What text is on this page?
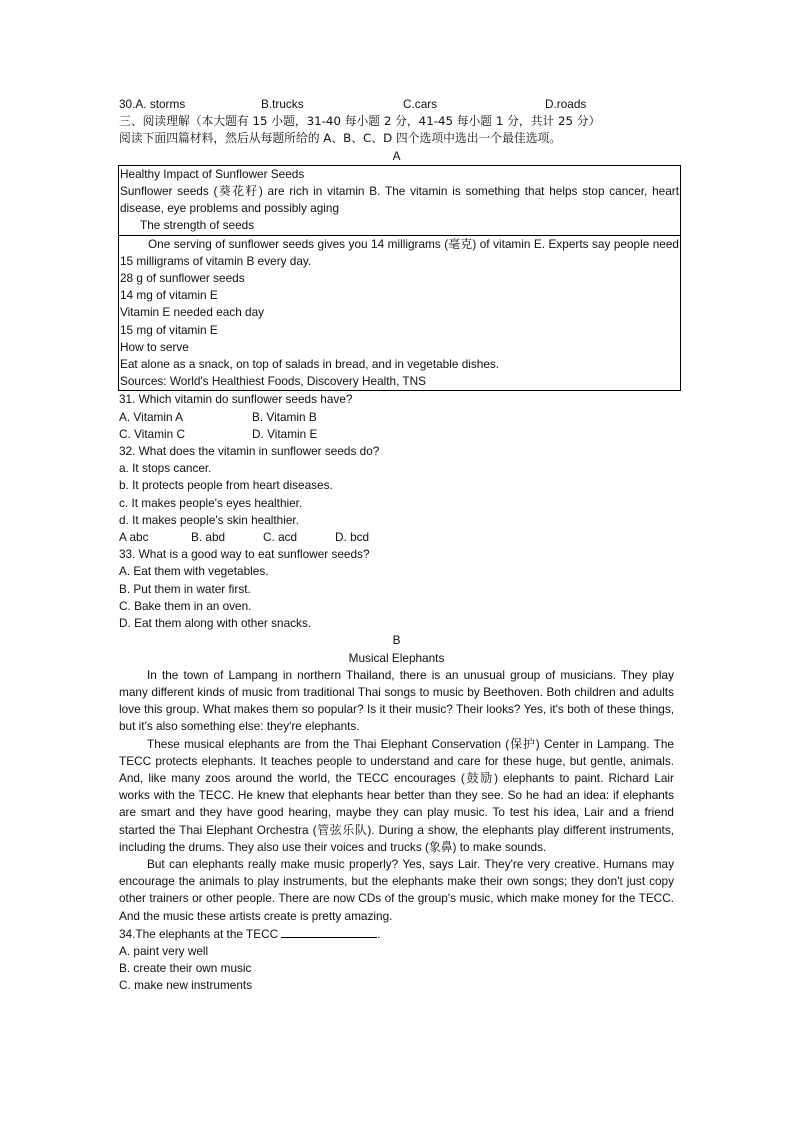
30.A. storms	B.trucks	C.cars	D.roads
三、阅读理解（本大题有 15 小题，31-40 每小题 2 分，41-45 每小题 1 分，共计 25 分）
阅读下面四篇材料，然后从每题所给的 A、B、C、D 四个选项中选出一个最佳选项。
A
Healthy Impact of Sunflower Seeds
Sunflower seeds (葵花籽) are rich in vitamin B. The vitamin is something that helps stop cancer, heart disease, eye problems and possibly aging
The strength of seeds
One serving of sunflower seeds gives you 14 milligrams (毫克) of vitamin E. Experts say people need 15 milligrams of vitamin B every day.
28 g of sunflower seeds
14 mg of vitamin E
Vitamin E needed each day
15 mg of vitamin E
How to serve
Eat alone as a snack, on top of salads in bread, and in vegetable dishes.
Sources: World's Healthiest Foods, Discovery Health, TNS
31. Which vitamin do sunflower seeds have?
A. Vitamin A	B. Vitamin B
C. Vitamin C	D. Vitamin E
32. What does the vitamin in sunflower seeds do?
a. It stops cancer.
b. It protects people from heart diseases.
c. It makes people's eyes healthier.
d. It makes people's skin healthier.
A abc	B. abd	C. acd	D. bcd
33. What is a good way to eat sunflower seeds?
A. Eat them with vegetables.
B. Put them in water first.
C. Bake them in an oven.
D. Eat them along with other snacks.
B
Musical Elephants
In the town of Lampang in northern Thailand, there is an unusual group of musicians. They play many different kinds of music from traditional Thai songs to music by Beethoven. Both children and adults love this group. What makes them so popular? Is it their music? Their looks? Yes, it's both of these things, but it's also something else: they're elephants.
These musical elephants are from the Thai Elephant Conservation (保护) Center in Lampang. The TECC protects elephants. It teaches people to understand and care for these huge, but gentle, animals. And, like many zoos around the world, the TECC encourages (鼓励) elephants to paint. Richard Lair works with the TECC. He knew that elephants hear better than they see. So he had an idea: if elephants are smart and they have good hearing, maybe they can play music. To test his idea, Lair and a friend started the Thai Elephant Orchestra (管弦乐队). During a show, the elephants play different instruments, including the drums. They also use their voices and trucks (象鼻) to make sounds.
But can elephants really make music properly? Yes, says Lair. They're very creative. Humans may encourage the animals to play instruments, but the elephants make their own songs; they don't just copy other trainers or other people. There are now CDs of the group's music, which make money for the TECC. And the music these artists create is pretty amazing.
34.The elephants at the TECC	.
A. paint very well
B. create their own music
C. make new instruments
